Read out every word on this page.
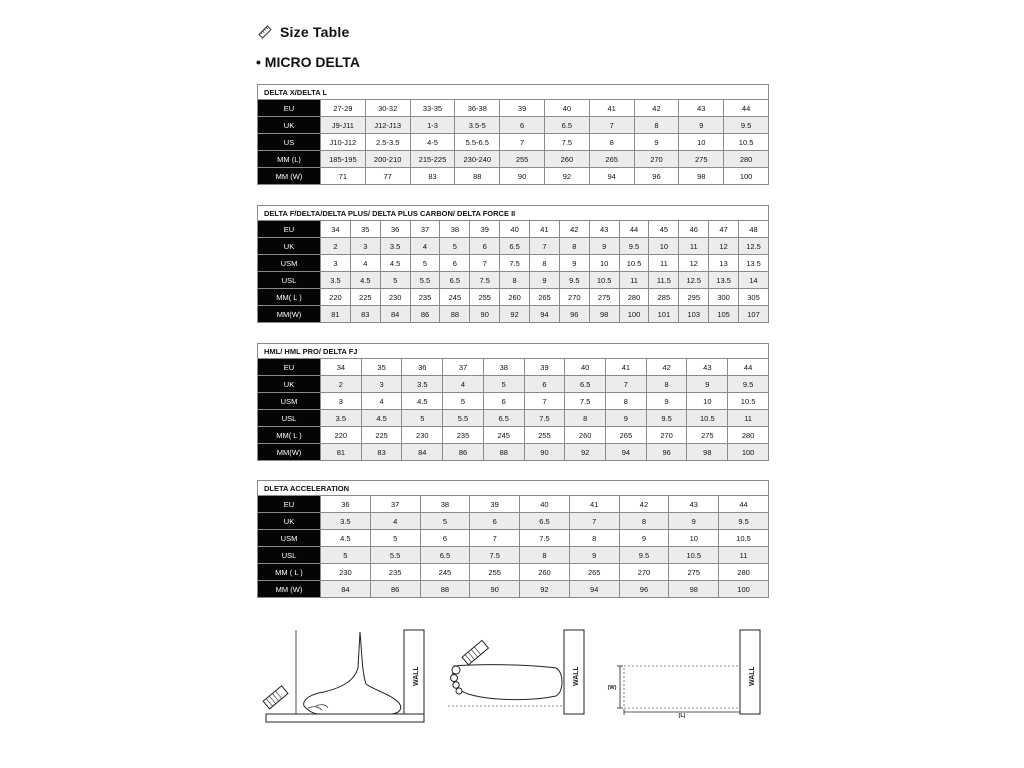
Size Table
• MICRO DELTA
DELTA X/DELTA L										
EU	27-29	30-32	33-35	36-38	39	40	41	42	43	44
UK	J9-J11	J12-J13	1-3	3.5-5	6	6.5	7	8	9	9.5
US	J10-J12	2.5-3.5	4-5	5.5-6.5	7	7.5	8	9	10	10.5
MM (L)	185-195	200-210	215-225	230-240	255	260	265	270	275	280
MM (W)	71	77	83	88	90	92	94	96	98	100
DELTA F/DELTA/DELTA PLUS/ DELTA PLUS CARBON/ DELTA FORCE II															
EU	34	35	36	37	38	39	40	41	42	43	44	45	46	47	48
UK	2	3	3.5	4	5	6	6.5	7	8	9	9.5	10	11	12	12.5
USM	3	4	4.5	5	6	7	7.5	8	9	10	10.5	11	12	13	13.5
USL	3.5	4.5	5	5.5	6.5	7.5	8	9	9.5	10.5	11	11.5	12.5	13.5	14
MM( L )	220	225	230	235	245	255	260	265	270	275	280	285	295	300	305
MM(W)	81	83	84	86	88	90	92	94	96	98	100	101	103	105	107
HML/ HML PRO/ DELTA FJ											
EU	34	35	36	37	38	39	40	41	42	43	44
UK	2	3	3.5	4	5	6	6.5	7	8	9	9.5
USM	3	4	4.5	5	6	7	7.5	8	9	10	10.5
USL	3.5	4.5	5	5.5	6.5	7.5	8	9	9.5	10.5	11
MM( L )	220	225	230	235	245	255	260	265	270	275	280
MM(W)	81	83	84	86	88	90	92	94	96	98	100
DLETA ACCELERATION									
EU	36	37	38	39	40	41	42	43	44
UK	3.5	4	5	6	6.5	7	8	9	9.5
USM	4.5	5	6	7	7.5	8	9	10	10.5
USL	5	5.5	6.5	7.5	8	9	9.5	10.5	11
MM ( L )	230	235	245	255	260	265	270	275	280
MM (W)	84	86	88	90	92	94	96	98	100
WALL	WALL	WALL
(W)
(L)
